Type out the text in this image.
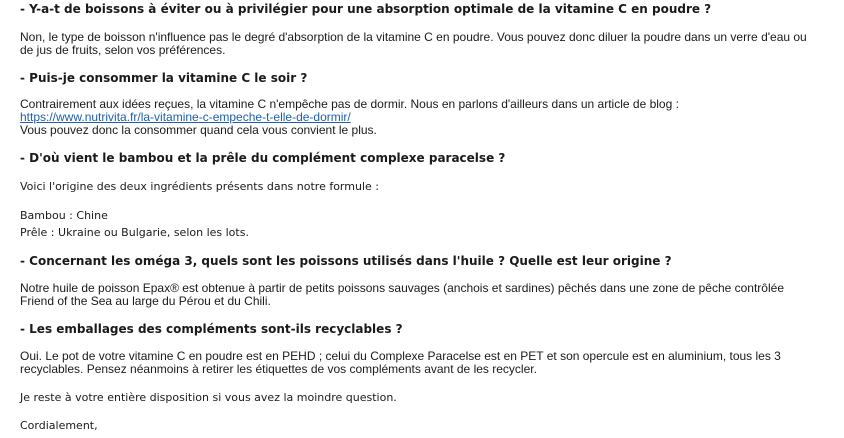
- Y-a-t de boissons à éviter ou à privilégier pour une absorption optimale de la vitamine C en poudre ?

Non, le type de boisson n'influence pas le degré d'absorption de la vitamine C en poudre. Vous pouvez donc diluer la poudre dans un verre d'eau ou de jus de fruits, selon vos préférences.

- Puis-je consommer la vitamine C le soir ?

Contrairement aux idées reçues, la vitamine C n'empêche pas de dormir. Nous en parlons d'ailleurs dans un article de blog : https://www.nutrivita.fr/la-vitamine-c-empeche-t-elle-de-dormir/

Vous pouvez donc la consommer quand cela vous convient le plus.

- D'où vient le bambou et la prêle du complément complexe paracelse ?

Voici l'origine des deux ingrédients présents dans notre formule :

Bambou : Chine

Prêle : Ukraine ou Bulgarie, selon les lots.

- Concernant les oméga 3, quels sont les poissons utilisés dans l'huile ? Quelle est leur origine ?

Notre huile de poisson Epax® est obtenue à partir de petits poissons sauvages (anchois et sardines) pêchés dans une zone de pêche contrôlée Friend of the Sea au large du Pérou et du Chili.

- Les emballages des compléments sont-ils recyclables ?

Oui. Le pot de votre vitamine C en poudre est en PEHD ; celui du Complexe Paracelse est en PET et son opercule est en aluminium, tous les 3 recyclables. Pensez néanmoins à retirer les étiquettes de vos compléments avant de les recycler.

Je reste à votre entière disposition si vous avez la moindre question.

Cordialement,
